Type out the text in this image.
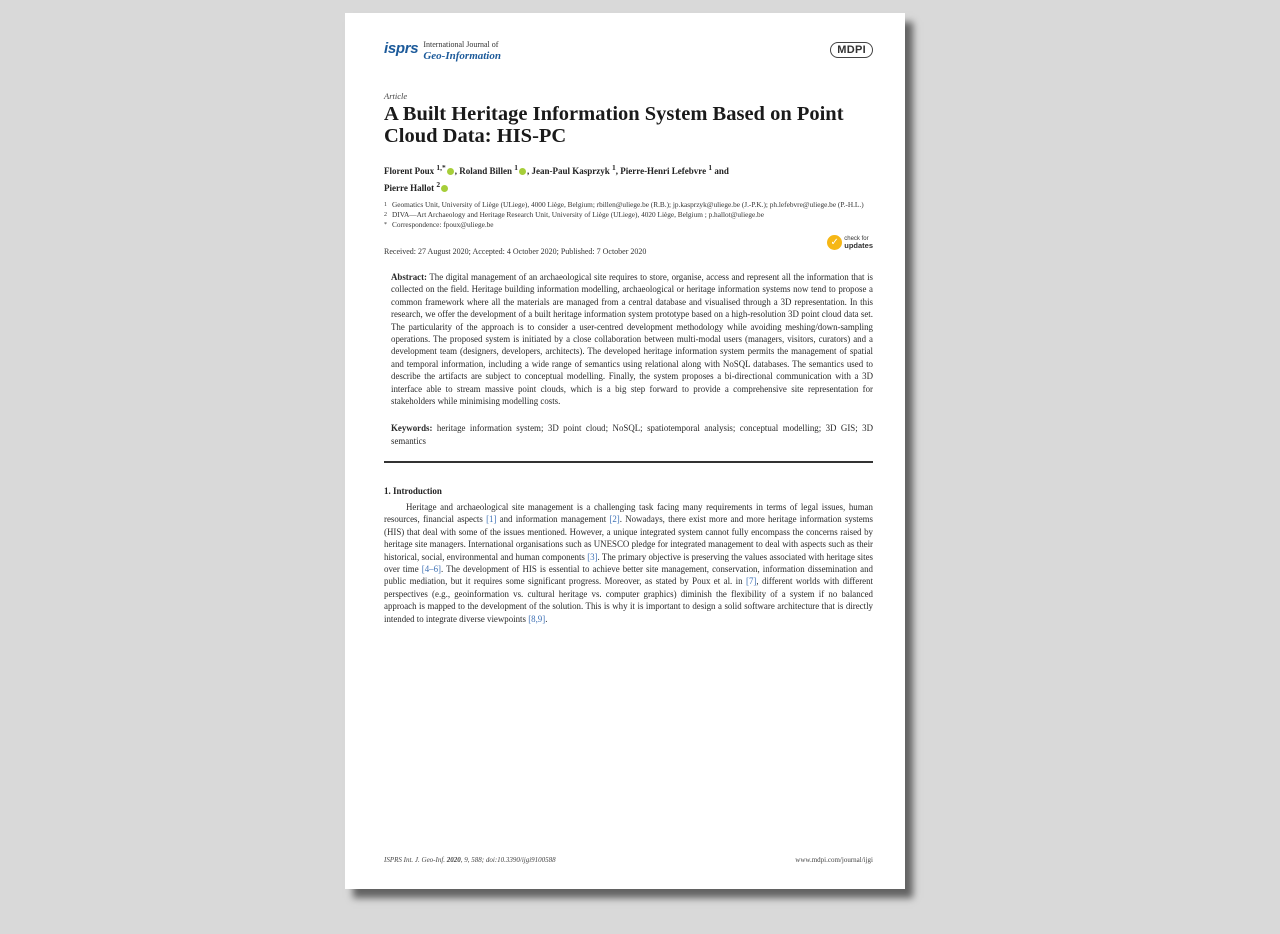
isprs International Journal of
Geo-Information	MDPI
Article
A Built Heritage Information System Based on Point Cloud Data: HIS-PC
Florent Poux $^{1,*}$ , Roland Billen $^1$ , Jean-Paul Kasprzyk $^1$, Pierre-Henri Lefebvre $^1$ and
Pierre Hallot $^2$
1 Geomatics Unit, University of Liège (ULiege), 4000 Liège, Belgium; rbillen@uliege.be (R.B.); jp.kasprzyk@uliege.be (J.-P.K.); ph.lefebvre@uliege.be (P.-H.L.)
2 DIVA—Art Archaeology and Heritage Research Unit, University of Liège (ULiege), 4020 Liège, Belgium ; p.hallot@uliege.be
* Correspondence: fpoux@uliege.be
Received: 27 August 2020; Accepted: 4 October 2020; Published: 7 October 2020
✓ check for
updates
Abstract: The digital management of an archaeological site requires to store, organise, access and represent all the information that is collected on the field. Heritage building information modelling, archaeological or heritage information systems now tend to propose a common framework where all the materials are managed from a central database and visualised through a 3D representation. In this research, we offer the development of a built heritage information system prototype based on a high-resolution 3D point cloud data set. The particularity of the approach is to consider a user-centred development methodology while avoiding meshing/down-sampling operations. The proposed system is initiated by a close collaboration between multi-modal users (managers, visitors, curators) and a development team (designers, developers, architects). The developed heritage information system permits the management of spatial and temporal information, including a wide range of semantics using relational along with NoSQL databases. The semantics used to describe the artifacts are subject to conceptual modelling. Finally, the system proposes a bi-directional communication with a 3D interface able to stream massive point clouds, which is a big step forward to provide a comprehensive site representation for stakeholders while minimising modelling costs.
Keywords: heritage information system; 3D point cloud; NoSQL; spatiotemporal analysis; conceptual modelling; 3D GIS; 3D semantics
1. Introduction
Heritage and archaeological site management is a challenging task facing many requirements in terms of legal issues, human resources, financial aspects [1] and information management [2]. Nowadays, there exist more and more heritage information systems (HIS) that deal with some of the issues mentioned. However, a unique integrated system cannot fully encompass the concerns raised by heritage site managers. International organisations such as UNESCO pledge for integrated management to deal with aspects such as their historical, social, environmental and human components [3]. The primary objective is preserving the values associated with heritage sites over time [4–6]. The development of HIS is essential to achieve better site management, conservation, information dissemination and public mediation, but it requires some significant progress. Moreover, as stated by Poux et al. in [7], different worlds with different perspectives (e.g., geoinformation vs. cultural heritage vs. computer graphics) diminish the flexibility of a system if no balanced approach is mapped to the development of the solution. This is why it is important to design a solid software architecture that is directly intended to integrate diverse viewpoints [8,9].
ISPRS Int. J. Geo-Inf. 2020, 9, 588; doi:10.3390/ijgi9100588	www.mdpi.com/journal/ijgi
